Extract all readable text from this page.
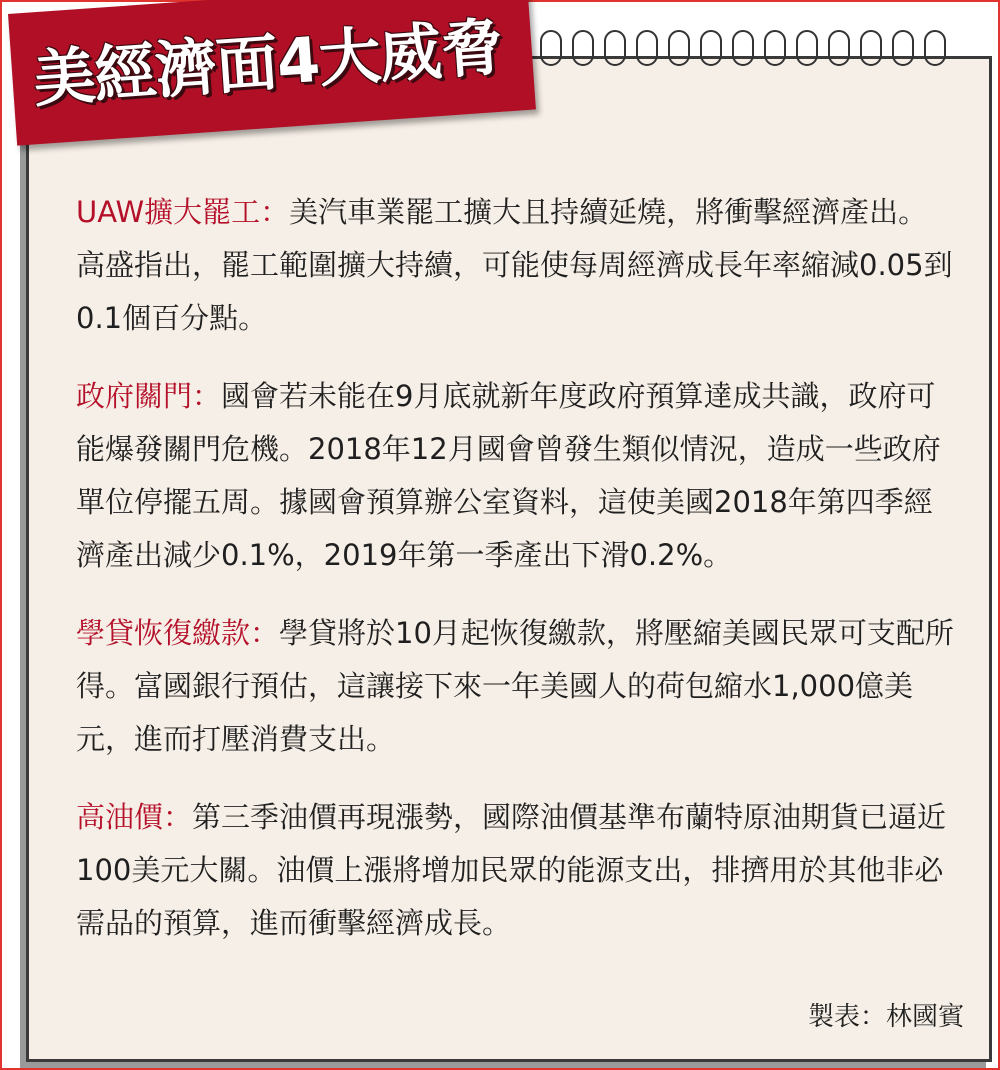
美經濟面4大威脅

UAW擴大罷工：美汽車業罷工擴大且持續延燒，將衝擊經濟產出。高盛指出，罷工範圍擴大持續，可能使每周經濟成長年率縮減0.05到0.1個百分點。

政府關門：國會若未能在9月底就新年度政府預算達成共識，政府可能爆發關門危機。2018年12月國會曾發生類似情況，造成一些政府單位停擺五周。據國會預算辦公室資料，這使美國2018年第四季經濟產出減少0.1%，2019年第一季產出下滑0.2%。

學貸恢復繳款：學貸將於10月起恢復繳款，將壓縮美國民眾可支配所得。富國銀行預估，這讓接下來一年美國人的荷包縮水1,000億美元，進而打壓消費支出。

高油價：第三季油價再現漲勢，國際油價基準布蘭特原油期貨已逼近100美元大關。油價上漲將增加民眾的能源支出，排擠用於其他非必需品的預算，進而衝擊經濟成長。

製表：林國賓
